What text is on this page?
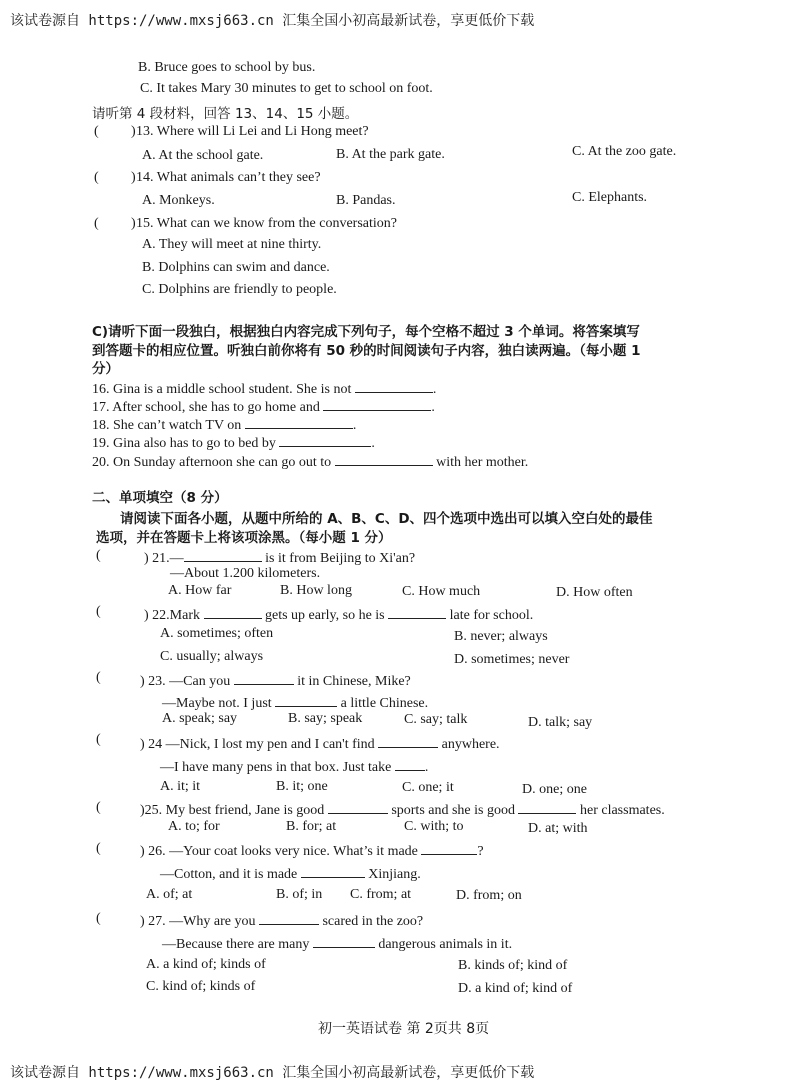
该试卷源自 https://www.mxsj663.cn 汇集全国小初高最新试卷，享更低价下载
B. Bruce goes to school by bus.
C. It takes Mary 30 minutes to get to school on foot.
请听第 4 段材料，回答 13、14、15 小题。
( ) 13. Where will Li Lei and Li Hong meet?
A. At the school gate.	B. At the park gate.	C. At the zoo gate.
( ) 14. What animals can’t they see?
A. Monkeys.	B. Pandas.	C. Elephants.
( ) 15. What can we know from the conversation?
A. They will meet at nine thirty.
B. Dolphins can swim and dance.
C. Dolphins are friendly to people.
C)请听下面一段独白，根据独白内容完成下列句子，每个空格不超过 3 个单词。将答案填写
到答题卡的相应位置。听独白前你将有 50 秒的时间阅读句子内容，独白读两遍。（每小题 1
分）
16. Gina is a middle school student. She is not	.
17. After school, she has to go home and	.
18. She can’t watch TV on	.
19. Gina also has to go to bed by	.
20. On Sunday afternoon she can go out to	with her mother.
二、单项填空（8 分）
请阅读下面各小题，从题中所给的 A、B、C、D、四个选项中选出可以填入空白处的最佳
选项，并在答题卡上将该项涂黑。（每小题 1 分）
(	) 21.—	is it from Beijing to Xi'an?
—About 1.200 kilometers.
A. How far	B. How long	C. How much	D. How often
(	) 22.Mark	gets up early, so he is	late for school.
A. sometimes; often	B. never; always
C. usually; always	D. sometimes; never
(	) 23. —Can you	it in Chinese, Mike?
—Maybe not. I just	a little Chinese.
A. speak; say	B. say; speak	C. say; talk	D. talk; say
(	) 24 —Nick, I lost my pen and I can't find	anywhere.
—I have many pens in that box. Just take .
A. it; it	B. it; one	C. one; it	D. one; one
(	)25. My best friend, Jane is good	sports and she is good	her classmates.
A. to; for	B. for; at	C. with; to	D. at; with
(	) 26. —Your coat looks very nice. What’s it made	?
—Cotton, and it is made	Xinjiang.
A. of; at	B. of; in C. from; at	D. from; on
(	) 27. —Why are you	scared in the zoo?
—Because there are many	dangerous animals in it.
A. a kind of; kinds of	B. kinds of; kind of
C. kind of; kinds of	D. a kind of; kind of
初一英语试卷 第 2页共 8页
该试卷源自 https://www.mxsj663.cn 汇集全国小初高最新试卷，享更低价下载
